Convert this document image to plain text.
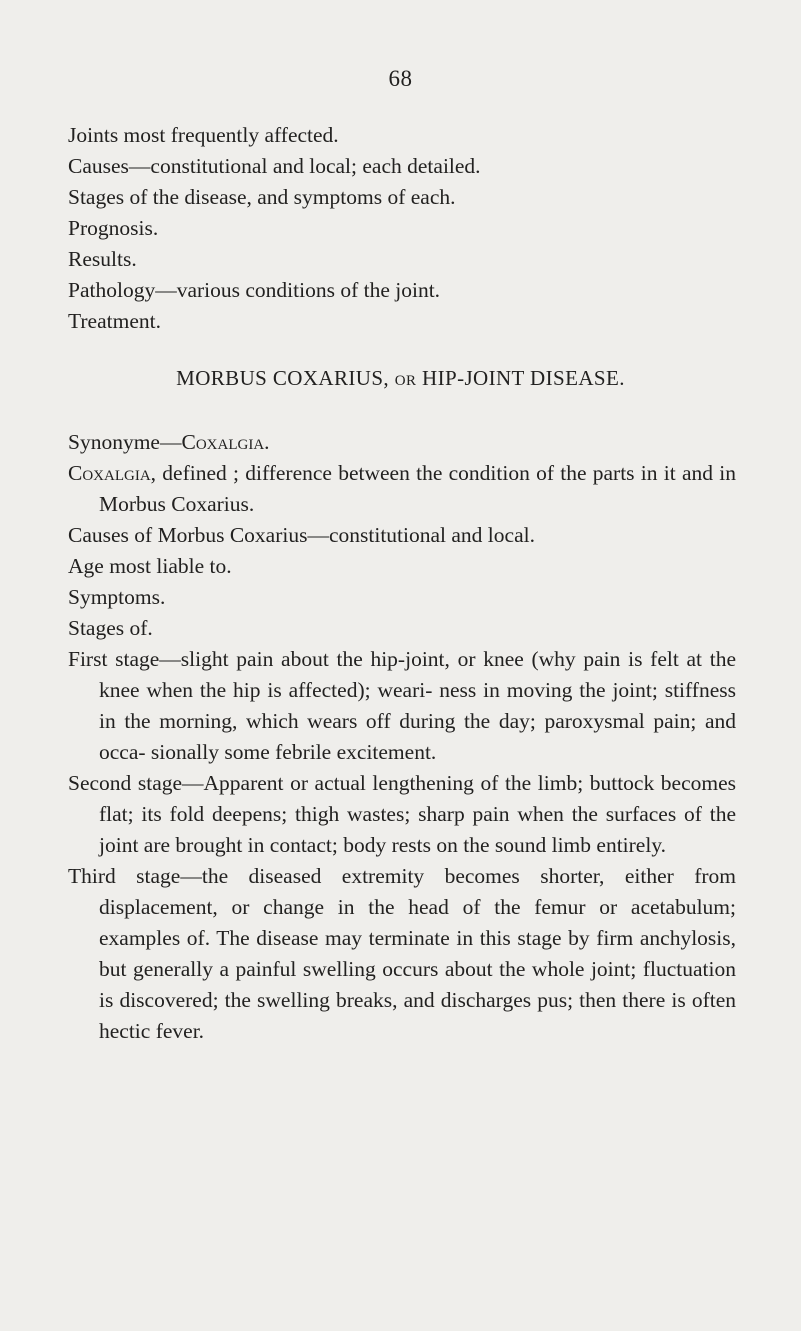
68
Joints most frequently affected.
Causes—constitutional and local; each detailed.
Stages of the disease, and symptoms of each.
Prognosis.
Results.
Pathology—various conditions of the joint.
Treatment.
MORBUS COXARIUS, OR HIP-JOINT DISEASE.
Synonyme—Coxalgia.
Coxalgia, defined ; difference between the condition of the parts in it and in Morbus Coxarius.
Causes of Morbus Coxarius—constitutional and local.
Age most liable to.
Symptoms.
Stages of.
First stage—slight pain about the hip-joint, or knee (why pain is felt at the knee when the hip is affected); weari- ness in moving the joint; stiffness in the morning, which wears off during the day; paroxysmal pain; and occa- sionally some febrile excitement.
Second stage—Apparent or actual lengthening of the limb; buttock becomes flat; its fold deepens; thigh wastes; sharp pain when the surfaces of the joint are brought in contact; body rests on the sound limb entirely.
Third stage—the diseased extremity becomes shorter, either from displacement, or change in the head of the femur or acetabulum; examples of. The disease may terminate in this stage by firm anchylosis, but generally a painful swelling occurs about the whole joint; fluctuation is discovered; the swelling breaks, and discharges pus; then there is often hectic fever.
